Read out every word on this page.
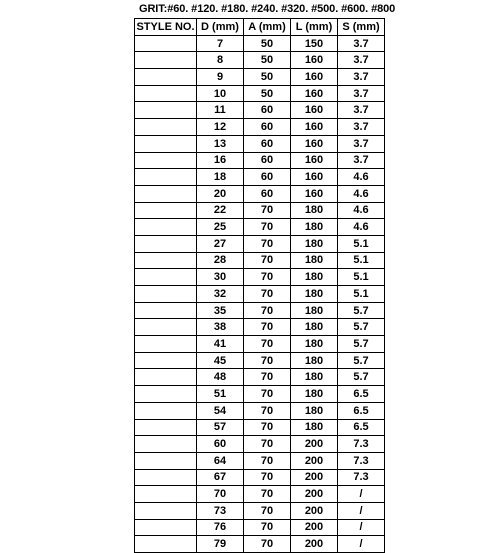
GRIT:#60. #120. #180. #240. #320. #500. #600. #800
STYLE NO.	D (mm)	A (mm)	L (mm)	S (mm)
	7	50	150	3.7
	8	50	160	3.7
	9	50	160	3.7
	10	50	160	3.7
	11	60	160	3.7
	12	60	160	3.7
	13	60	160	3.7
	16	60	160	3.7
	18	60	160	4.6
	20	60	160	4.6
	22	70	180	4.6
	25	70	180	4.6
	27	70	180	5.1
	28	70	180	5.1
	30	70	180	5.1
	32	70	180	5.1
	35	70	180	5.7
	38	70	180	5.7
	41	70	180	5.7
	45	70	180	5.7
	48	70	180	5.7
	51	70	180	6.5
	54	70	180	6.5
	57	70	180	6.5
	60	70	200	7.3
	64	70	200	7.3
	67	70	200	7.3
	70	70	200	/
	73	70	200	/
	76	70	200	/
	79	70	200	/
